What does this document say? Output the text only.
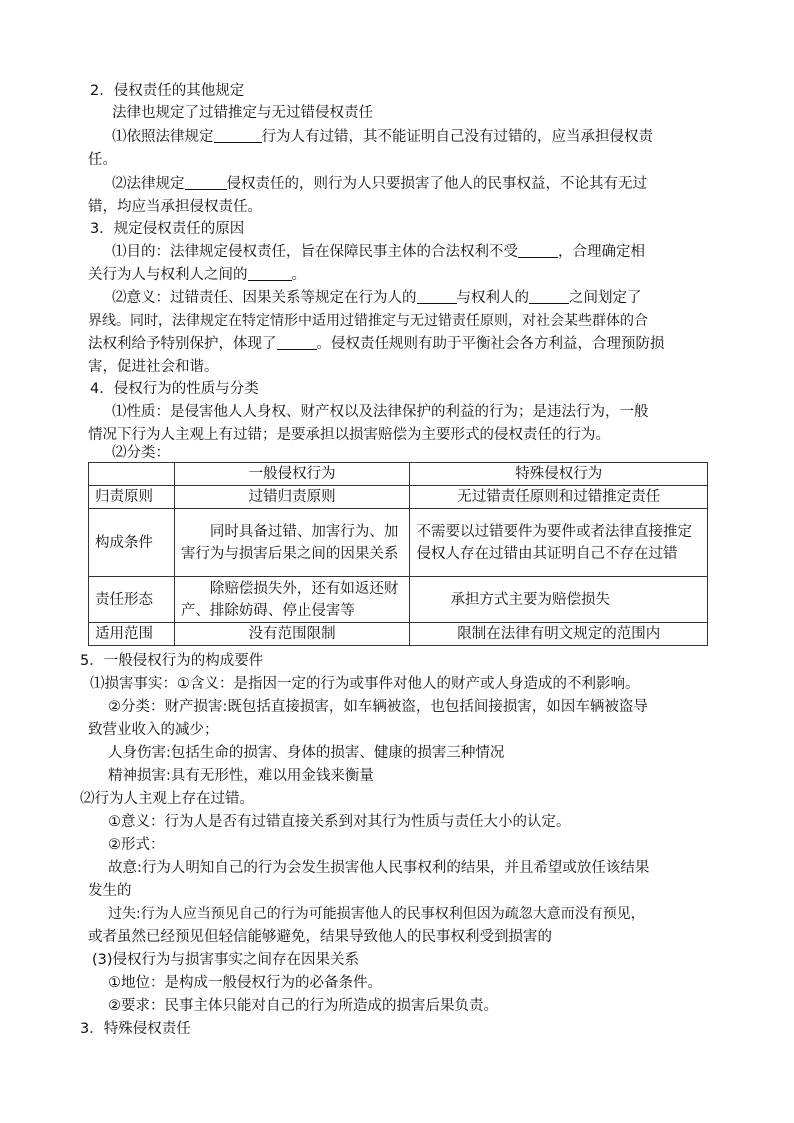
2．侵权责任的其他规定
法律也规定了过错推定与无过错侵权责任
⑴依照法律规定	行为人有过错，其不能证明自己没有过错的，应当承担侵权责
任。
⑵法律规定	侵权责任的，则行为人只要损害了他人的民事权益，不论其有无过
错，均应当承担侵权责任。
3．规定侵权责任的原因
⑴目的：法律规定侵权责任，旨在保障民事主体的合法权利不受	，合理确定相
关行为人与权利人之间的	。
⑵意义：过错责任、因果关系等规定在行为人的	与权利人的	之间划定了
界线。同时，法律规定在特定情形中适用过错推定与无过错责任原则，对社会某些群体的合
法权利给予特别保护，体现了	。侵权责任规则有助于平衡社会各方利益，合理预防损
害，促进社会和谐。
4．侵权行为的性质与分类
⑴性质：是侵害他人人身权、财产权以及法律保护的利益的行为；是违法行为，一般
情况下行为人主观上有过错；是要承担以损害赔偿为主要形式的侵权责任的行为。
⑵分类：
	一般侵权行为	特殊侵权行为
归责原则	过错归责原则	无过错责任原则和过错推定责任
构成条件	同时具备过错、加害行为、加害行为与损害后果之间的因果关系	不需要以过错要件为要件或者法律直接推定侵权人存在过错由其证明自己不存在过错
责任形态	除赔偿损失外，还有如返还财产、排除妨碍、停止侵害等	承担方式主要为赔偿损失
适用范围	没有范围限制	限制在法律有明文规定的范围内
5．一般侵权行为的构成要件
⑴损害事实：①含义：是指因一定的行为或事件对他人的财产或人身造成的不利影响。
②分类：财产损害:既包括直接损害，如车辆被盗，也包括间接损害，如因车辆被盗导
致营业收入的减少；
人身伤害:包括生命的损害、身体的损害、健康的损害三种情况
精神损害:具有无形性，难以用金钱来衡量
⑵行为人主观上存在过错。
①意义：行为人是否有过错直接关系到对其行为性质与责任大小的认定。
②形式：
故意:行为人明知自己的行为会发生损害他人民事权利的结果，并且希望或放任该结果
发生的
过失:行为人应当预见自己的行为可能损害他人的民事权利但因为疏忽大意而没有预见，
或者虽然已经预见但轻信能够避免，结果导致他人的民事权利受到损害的
(3)侵权行为与损害事实之间存在因果关系
①地位：是构成一般侵权行为的必备条件。
②要求：民事主体只能对自己的行为所造成的损害后果负责。
3．特殊侵权责任
